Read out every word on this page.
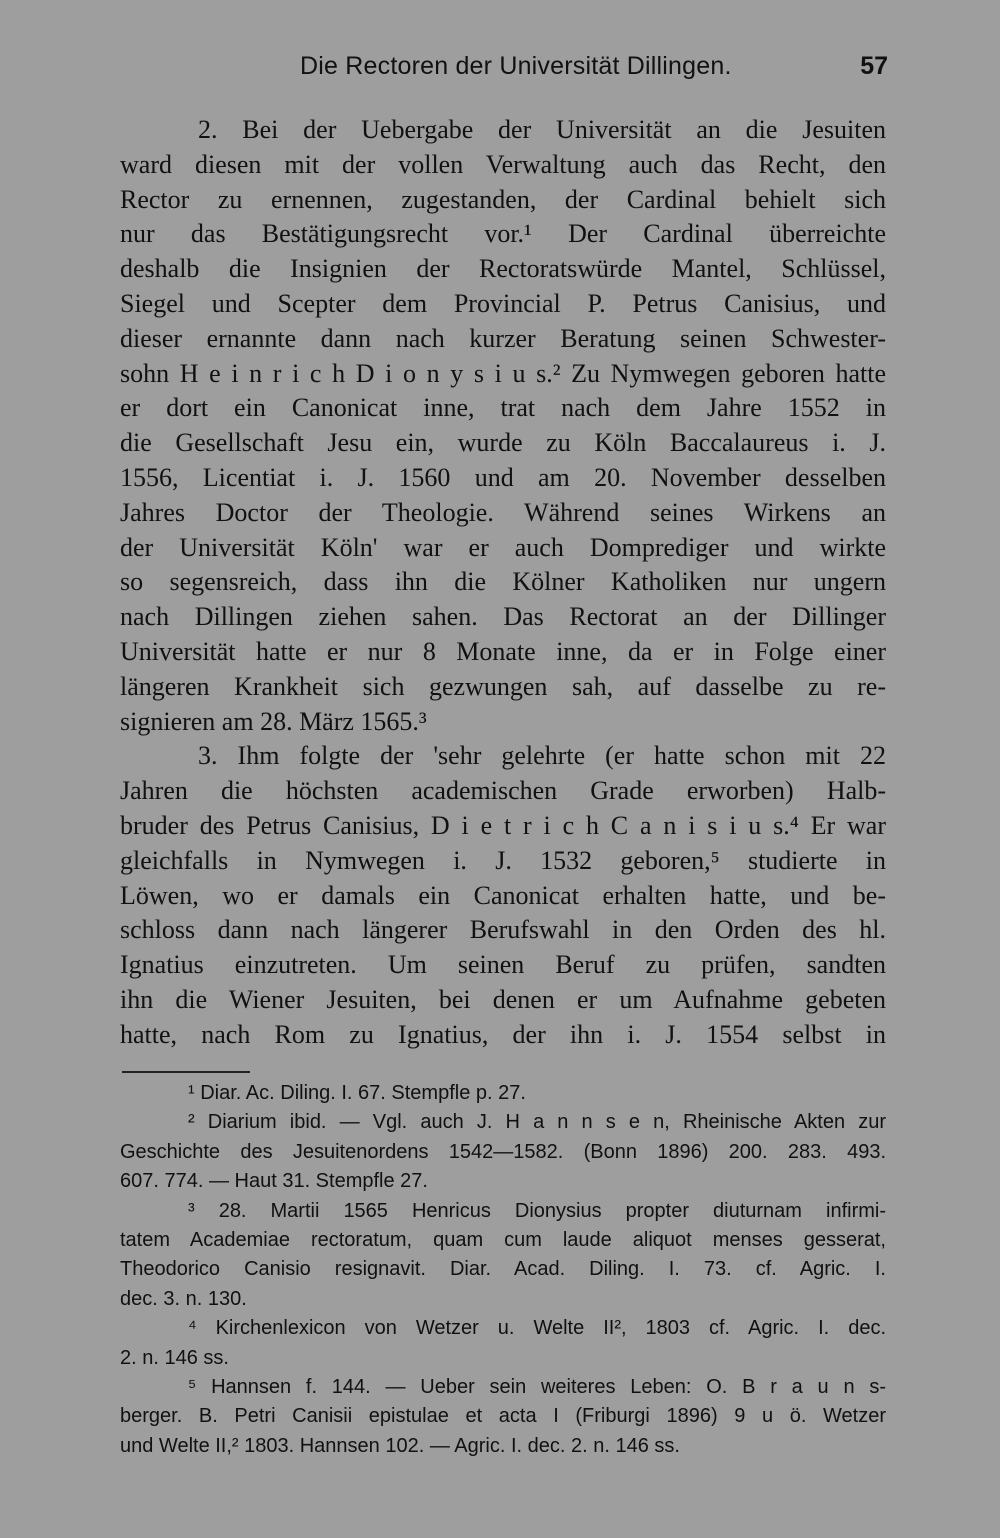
Die Rectoren der Universität Dillingen.	57
2. Bei der Uebergabe der Universität an die Jesuiten
ward diesen mit der vollen Verwaltung auch das Recht, den
Rector zu ernennen, zugestanden, der Cardinal behielt sich
nur das Bestätigungsrecht vor.¹ Der Cardinal überreichte
deshalb die Insignien der Rectoratswürde Mantel, Schlüssel,
Siegel und Scepter dem Provincial P. Petrus Canisius, und
dieser ernannte dann nach kurzer Beratung seinen Schwester-
sohn H e i n r i c h D i o n y s i u s.² Zu Nymwegen geboren hatte
er dort ein Canonicat inne, trat nach dem Jahre 1552 in
die Gesellschaft Jesu ein, wurde zu Köln Baccalaureus i. J.
1556, Licentiat i. J. 1560 und am 20. November desselben
Jahres Doctor der Theologie. Während seines Wirkens an
der Universität Köln' war er auch Domprediger und wirkte
so segensreich, dass ihn die Kölner Katholiken nur ungern
nach Dillingen ziehen sahen. Das Rectorat an der Dillinger
Universität hatte er nur 8 Monate inne, da er in Folge einer
längeren Krankheit sich gezwungen sah, auf dasselbe zu re-
signieren am 28. März 1565.³
3. Ihm folgte der 'sehr gelehrte (er hatte schon mit 22
Jahren die höchsten academischen Grade erworben) Halb-
bruder des Petrus Canisius, D i e t r i c h C a n i s i u s.⁴ Er war
gleichfalls in Nymwegen i. J. 1532 geboren,⁵ studierte in
Löwen, wo er damals ein Canonicat erhalten hatte, und be-
schloss dann nach längerer Berufswahl in den Orden des hl.
Ignatius einzutreten. Um seinen Beruf zu prüfen, sandten
ihn die Wiener Jesuiten, bei denen er um Aufnahme gebeten
hatte, nach Rom zu Ignatius, der ihn i. J. 1554 selbst in
¹ Diar. Ac. Diling. I. 67. Stempfle p. 27.
² Diarium ibid. — Vgl. auch J. H a n n s e n, Rheinische Akten zur
Geschichte des Jesuitenordens 1542—1582. (Bonn 1896) 200. 283. 493.
607. 774. — Haut 31. Stempfle 27.
³ 28. Martii 1565 Henricus Dionysius propter diuturnam infirmi-
tatem Academiae rectoratum, quam cum laude aliquot menses gesserat,
Theodorico Canisio resignavit. Diar. Acad. Diling. I. 73. cf. Agric. I.
dec. 3. n. 130.
⁴ Kirchenlexicon von Wetzer u. Welte II², 1803 cf. Agric. I. dec.
2. n. 146 ss.
⁵ Hannsen f. 144. — Ueber sein weiteres Leben: O. B r a u n s-
berger. B. Petri Canisii epistulae et acta I (Friburgi 1896) 9 u ö. Wetzer
und Welte II,² 1803. Hannsen 102. — Agric. I. dec. 2. n. 146 ss.
